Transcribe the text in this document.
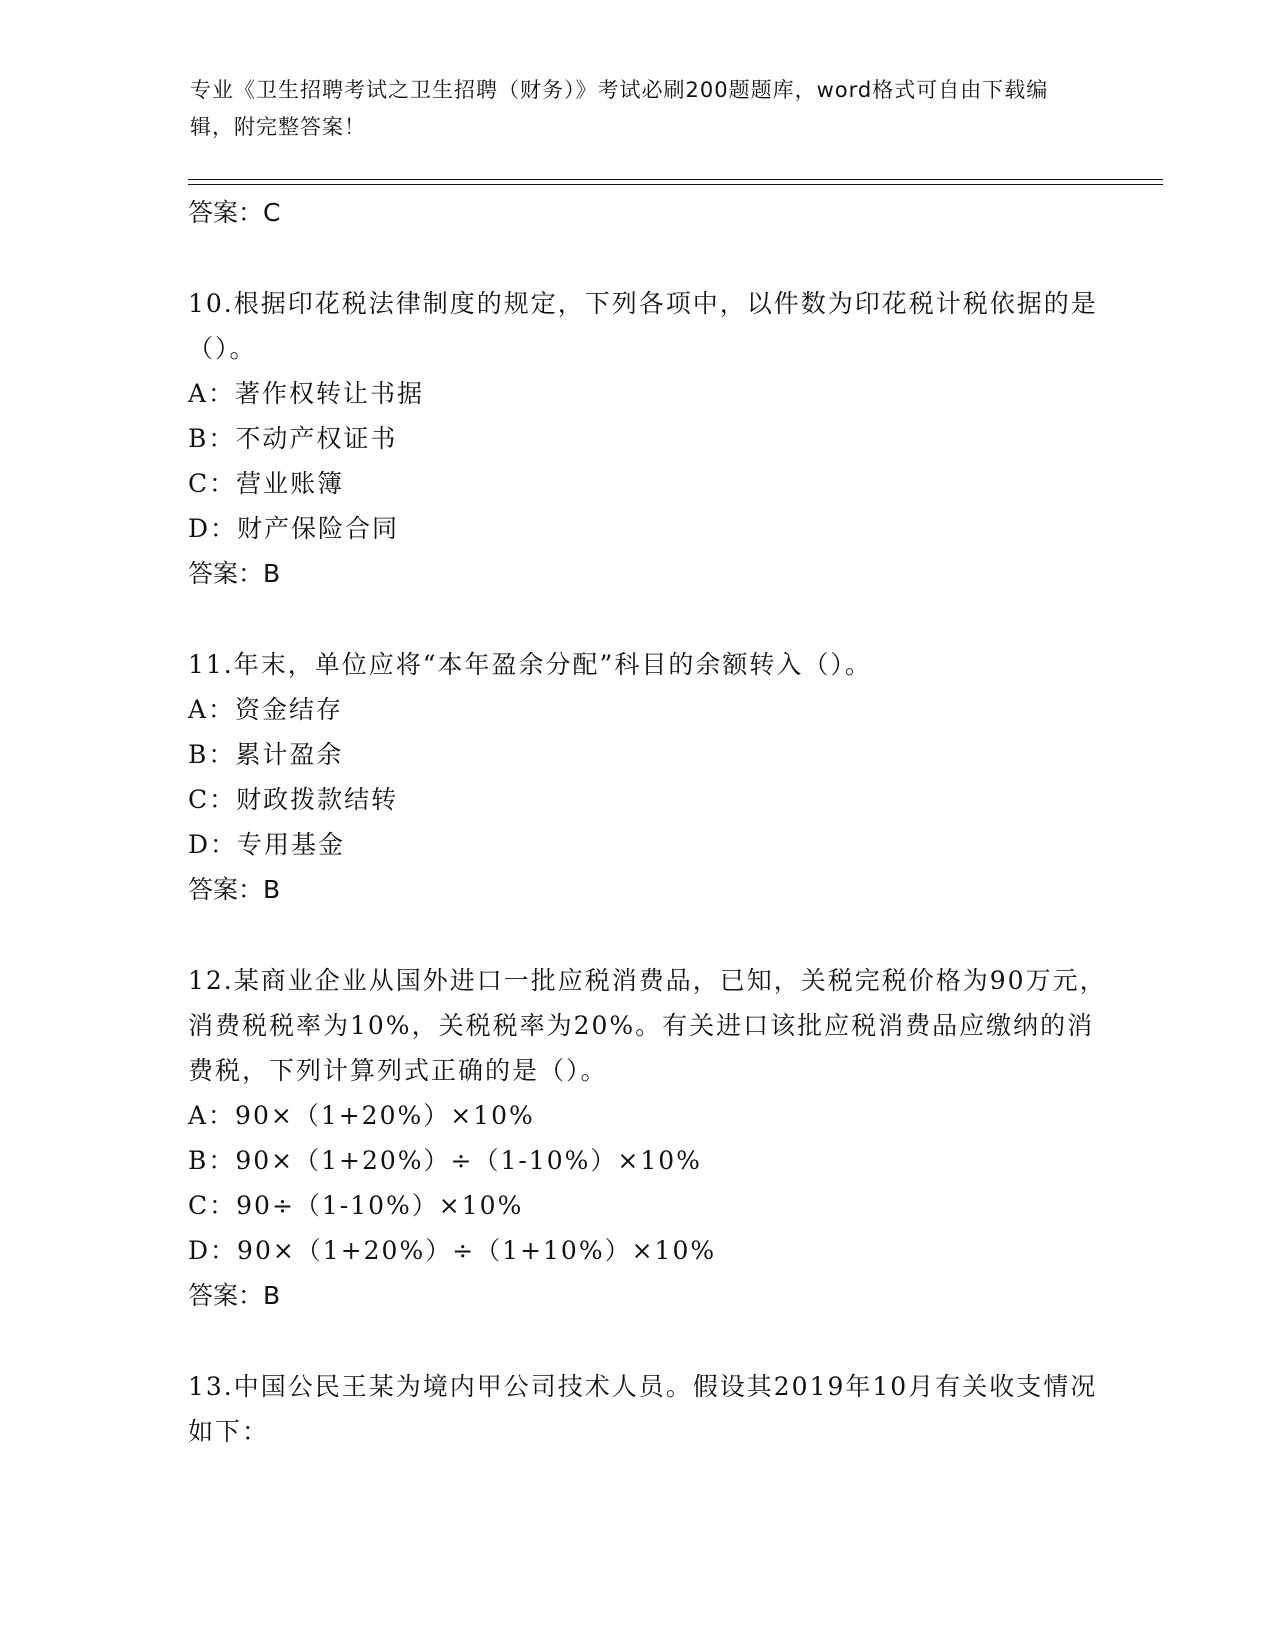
专业《卫生招聘考试之卫生招聘（财务）》考试必刷200题题库，word格式可自由下载编辑，附完整答案！
答案：C
10.根据印花税法律制度的规定，下列各项中，以件数为印花税计税依据的是（）。
A：著作权转让书据
B：不动产权证书
C：营业账簿
D：财产保险合同
答案：B
11.年末，单位应将“本年盈余分配”科目的余额转入（）。
A：资金结存
B：累计盈余
C：财政拨款结转
D：专用基金
答案：B
12.某商业企业从国外进口一批应税消费品，已知，关税完税价格为90万元，消费税税率为10%，关税税率为20%。有关进口该批应税消费品应缴纳的消费税，下列计算列式正确的是（）。
A：90×（1+20%）×10%
B：90×（1+20%）÷（1-10%）×10%
C：90÷（1-10%）×10%
D：90×（1+20%）÷（1+10%）×10%
答案：B
13.中国公民王某为境内甲公司技术人员。假设其2019年10月有关收支情况如下：
